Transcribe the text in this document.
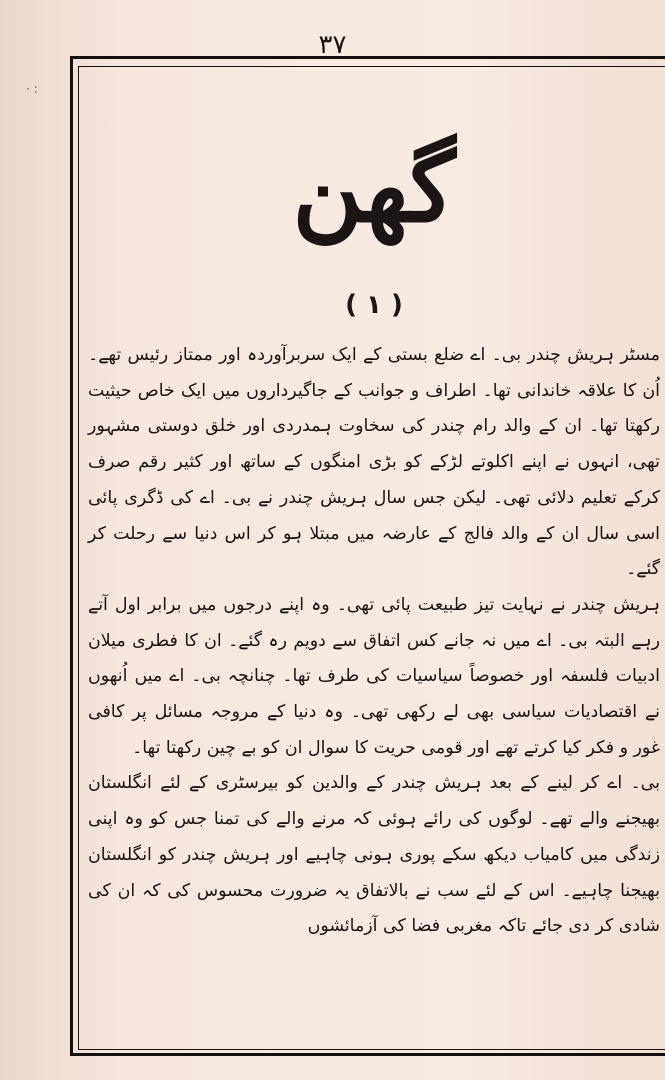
· :
۳۷
گھن
( ۱ )

مسٹر ہریش چندر بی۔ اے ضلع بستی کے ایک سربرآوردہ اور ممتاز رئیس تھے۔ اُن کا علاقہ خاندانی تھا۔ اطراف و جوانب کے جاگیرداروں میں ایک خاص حیثیت رکھتا تھا۔ ان کے والد رام چندر کی سخاوت ہمدردی اور خلق دوستی مشہور تھی، انہوں نے اپنے اکلوتے لڑکے کو بڑی امنگوں کے ساتھ اور کثیر رقم صرف کرکے تعلیم دلائی تھی۔ لیکن جس سال ہریش چندر نے بی۔ اے کی ڈگری پائی اسی سال ان کے والد فالج کے عارضہ میں مبتلا ہو کر اس دنیا سے رحلت کر گئے۔

ہریش چندر نے نہایت تیز طبیعت پائی تھی۔ وہ اپنے درجوں میں برابر اول آتے رہے البتہ بی۔ اے میں نہ جانے کس اتفاق سے دویم رہ گئے۔ ان کا فطری میلان ادبیات فلسفہ اور خصوصاً سیاسیات کی طرف تھا۔ چنانچہ بی۔ اے میں اُنھوں نے اقتصادیات سیاسی بھی لے رکھی تھی۔ وہ دنیا کے مروجہ مسائل پر کافی غور و فکر کیا کرتے تھے اور قومی حریت کا سوال ان کو بے چین رکھتا تھا۔

بی۔ اے کر لینے کے بعد ہریش چندر کے والدین کو بیرسٹری کے لئے انگلستان بھیجنے والے تھے۔ لوگوں کی رائے ہوئی کہ مرنے والے کی تمنا جس کو وہ اپنی زندگی میں کامیاب دیکھ سکے پوری ہونی چاہیے اور ہریش چندر کو انگلستان بھیجنا چاہیے۔ اس کے لئے سب نے بالاتفاق یہ ضرورت محسوس کی کہ ان کی شادی کر دی جائے تاکہ مغربی فضا کی آزمائشوں
